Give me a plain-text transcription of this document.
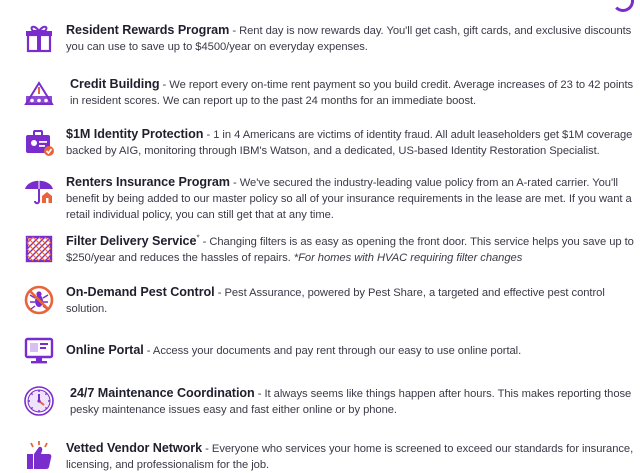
Resident Rewards Program - Rent day is now rewards day. You'll get cash, gift cards, and exclusive discounts you can use to save up to $4500/year on everyday expenses.
Credit Building - We report every on-time rent payment so you build credit. Average increases of 23 to 42 points in resident scores. We can report up to the past 24 months for an immediate boost.
$1M Identity Protection - 1 in 4 Americans are victims of identity fraud. All adult leaseholders get $1M coverage backed by AIG, monitoring through IBM's Watson, and a dedicated, US-based Identity Restoration Specialist.
Renters Insurance Program - We've secured the industry-leading value policy from an A-rated carrier. You'll benefit by being added to our master policy so all of your insurance requirements in the lease are met. If you want a retail individual policy, you can still get that at any time.
Filter Delivery Service* - Changing filters is as easy as opening the front door. This service helps you save up to $250/year and reduces the hassles of repairs. *For homes with HVAC requiring filter changes
On-Demand Pest Control - Pest Assurance, powered by Pest Share, a targeted and effective pest control solution.
Online Portal - Access your documents and pay rent through our easy to use online portal.
24/7 Maintenance Coordination - It always seems like things happen after hours. This makes reporting those pesky maintenance issues easy and fast either online or by phone.
Vetted Vendor Network - Everyone who services your home is screened to exceed our standards for insurance, licensing, and professionalism for the job.
